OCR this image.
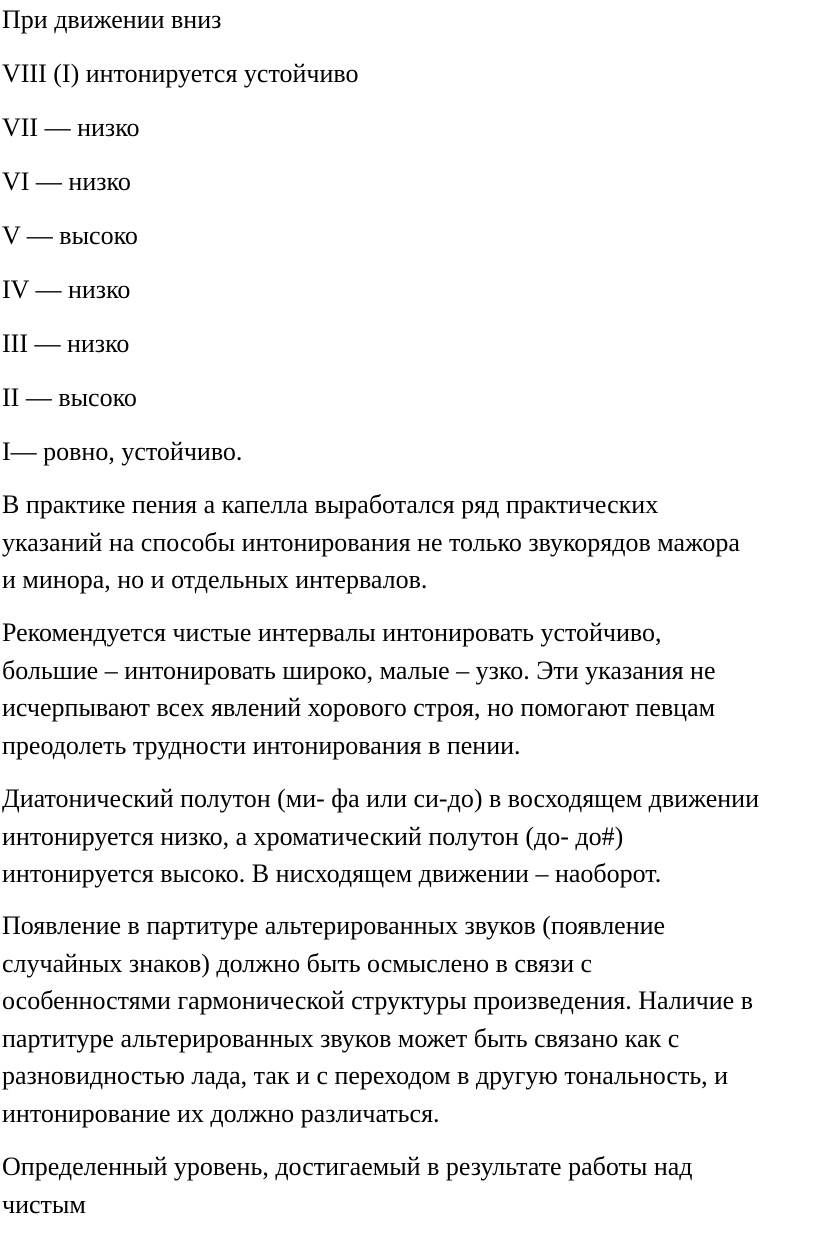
При движении вниз
VIII (I) интонируется устойчиво
VII — низко
VI — низко
V — высоко
IV — низко
III — низко
II — высоко
I— ровно, устойчиво.
В практике пения а капелла выработался ряд практических
указаний на способы интонирования не только звукорядов мажора
и минора, но и отдельных интервалов.
Рекомендуется чистые интервалы интонировать устойчиво,
большие – интонировать широко, малые – узко. Эти указания не
исчерпывают всех явлений хорового строя, но помогают певцам
преодолеть трудности интонирования в пении.
Диатонический полутон (ми- фа или си-до) в восходящем движении
интонируется низко, а хроматический полутон (до- до#)
интонируется высоко. В нисходящем движении – наоборот.
Появление в партитуре альтерированных звуков (появление
случайных знаков) должно быть осмыслено в связи с
особенностями гармонической структуры произведения. Наличие в
партитуре альтерированных звуков может быть связано как с
разновидностью лада, так и с переходом в другую тональность, и
интонирование их должно различаться.
Определенный уровень, достигаемый в результате работы над
чистым
